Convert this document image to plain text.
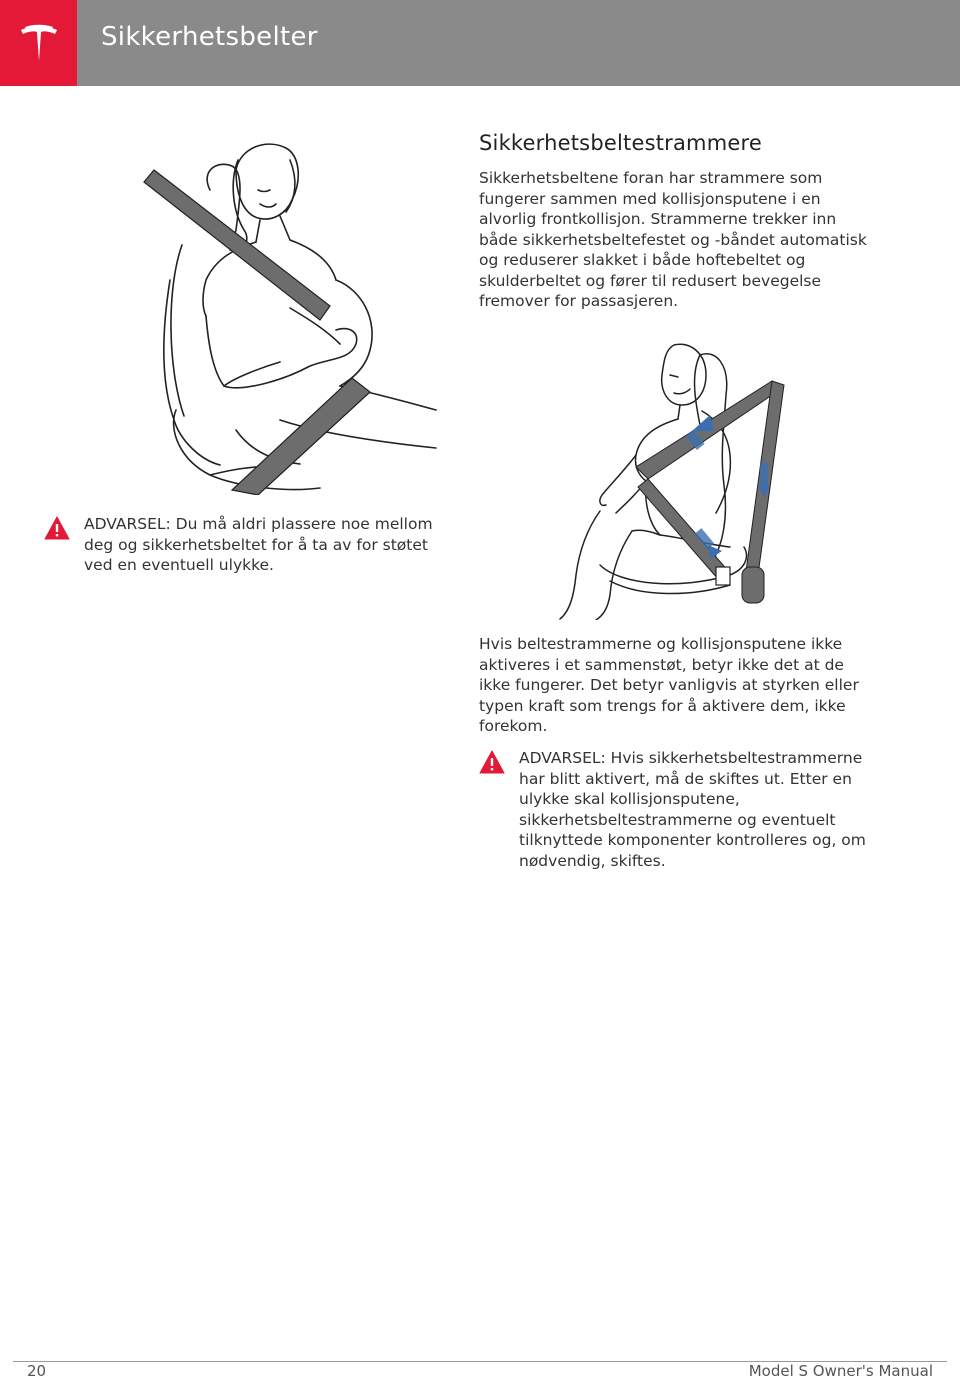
Sikkerhetsbelter
ADVARSEL: Du må aldri plassere noe mellom deg og sikkerhetsbeltet for å ta av for støtet ved en eventuell ulykke.
Sikkerhetsbeltestrammere
Sikkerhetsbeltene foran har strammere som fungerer sammen med kollisjonsputene i en alvorlig frontkollisjon. Strammerne trekker inn både sikkerhetsbeltefestet og -båndet automatisk og reduserer slakket i både hoftebeltet og skulderbeltet og fører til redusert bevegelse fremover for passasjeren.
Hvis beltestrammerne og kollisjonsputene ikke aktiveres i et sammenstøt, betyr ikke det at de ikke fungerer. Det betyr vanligvis at styrken eller typen kraft som trengs for å aktivere dem, ikke forekom.
ADVARSEL: Hvis sikkerhetsbeltestrammerne har blitt aktivert, må de skiftes ut. Etter en ulykke skal kollisjonsputene, sikkerhetsbeltestrammerne og eventuelt tilknyttede komponenter kontrolleres og, om nødvendig, skiftes.
20	Model S Owner's Manual
